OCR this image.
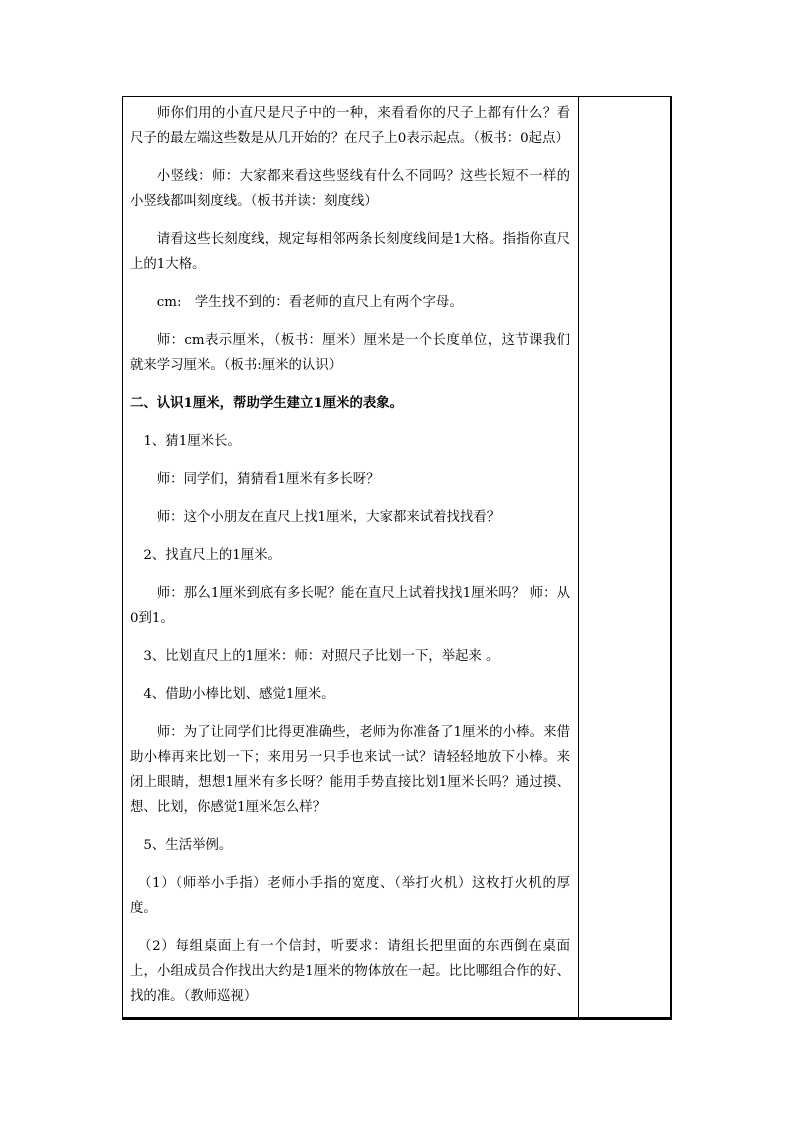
师你们用的小直尺是尺子中的一种，来看看你的尺子上都有什么？看尺子的最左端这些数是从几开始的？在尺子上0表示起点。（板书：0起点）

小竖线：师：大家都来看这些竖线有什么不同吗？这些长短不一样的小竖线都叫刻度线。（板书并读：刻度线）

请看这些长刻度线，规定每相邻两条长刻度线间是1大格。指指你直尺上的1大格。

cm:　学生找不到的：看老师的直尺上有两个字母。

师：cm表示厘米，（板书：厘米）厘米是一个长度单位，这节课我们就来学习厘米。（板书:厘米的认识）

二、认识1厘米，帮助学生建立1厘米的表象。

1、猜1厘米长。

师：同学们，猜猜看1厘米有多长呀？

师：这个小朋友在直尺上找1厘米，大家都来试着找找看？

2、找直尺上的1厘米。

师：那么1厘米到底有多长呢？能在直尺上试着找找1厘米吗？ 师：从0到1。

3、比划直尺上的1厘米：师：对照尺子比划一下，举起来 。

4、借助小棒比划、感觉1厘米。

师：为了让同学们比得更准确些，老师为你准备了1厘米的小棒。来借助小棒再来比划一下；来用另一只手也来试一试？请轻轻地放下小棒。来闭上眼睛，想想1厘米有多长呀？能用手势直接比划1厘米长吗？通过摸、想、比划，你感觉1厘米怎么样？

5、生活举例。

（1）（师举小手指）老师小手指的宽度、（举打火机）这枚打火机的厚度。

（2）每组桌面上有一个信封，听要求：请组长把里面的东西倒在桌面上，小组成员合作找出大约是1厘米的物体放在一起。比比哪组合作的好、找的准。（教师巡视）
